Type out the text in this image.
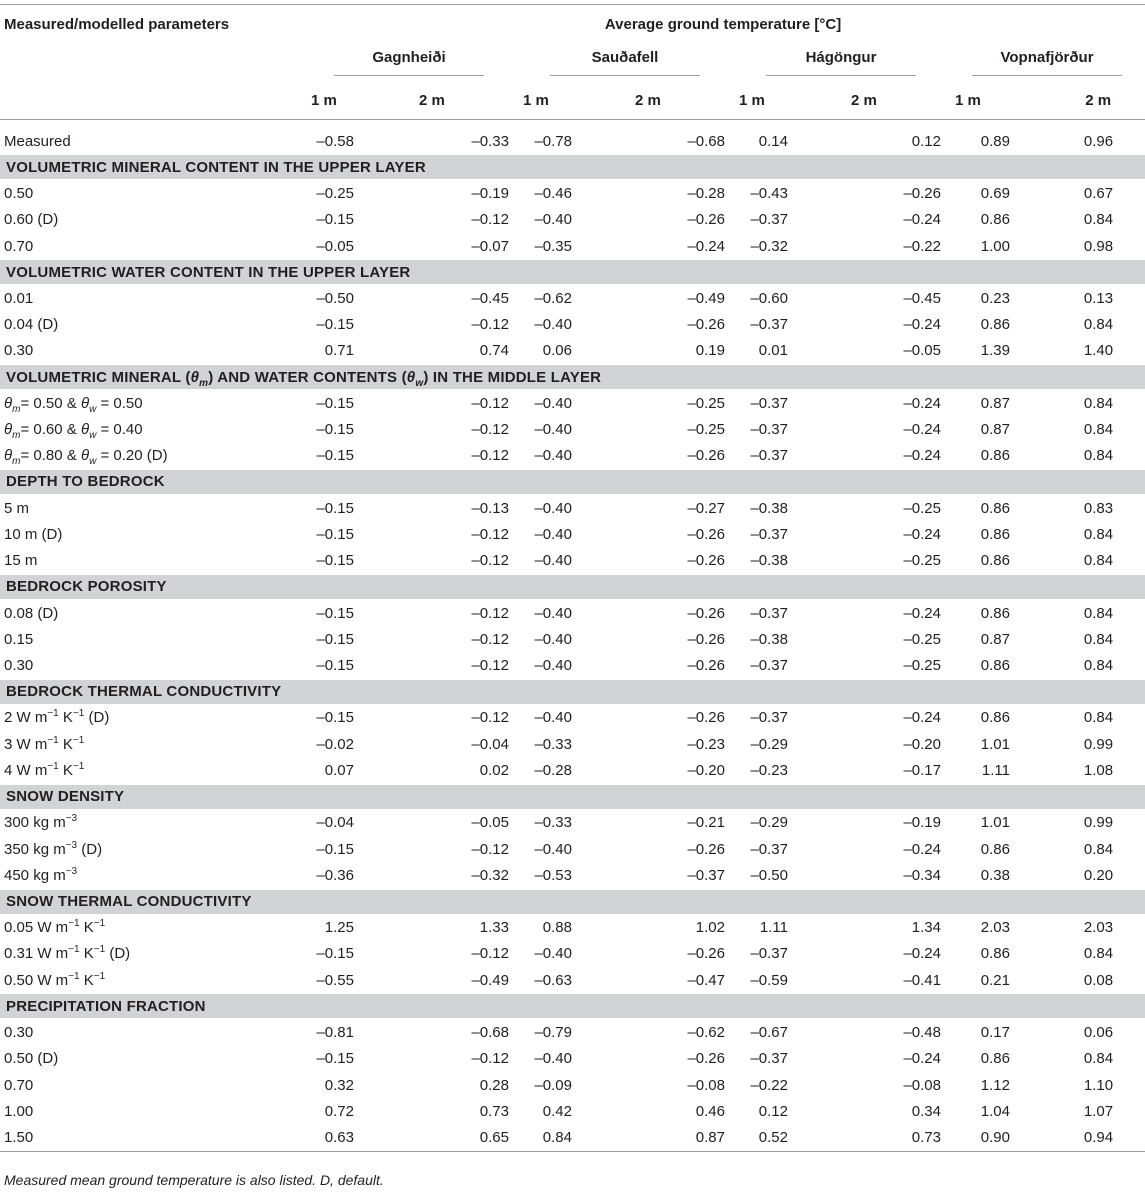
Measured/modelled parameters	Average ground temperature [°C]							
	Gagnheiði		Sauðafell		Hágöngur		Vopnafjörður	
	1 m	2 m	1 m	2 m	1 m	2 m	1 m	2 m

Measured	–0.58	–0.33	–0.78	–0.68	0.14	0.12	0.89	0.96
VOLUMETRIC MINERAL CONTENT IN THE UPPER LAYER								
0.50	–0.25	–0.19	–0.46	–0.28	–0.43	–0.26	0.69	0.67
0.60 (D)	–0.15	–0.12	–0.40	–0.26	–0.37	–0.24	0.86	0.84
0.70	–0.05	–0.07	–0.35	–0.24	–0.32	–0.22	1.00	0.98
VOLUMETRIC WATER CONTENT IN THE UPPER LAYER								
0.01	–0.50	–0.45	–0.62	–0.49	–0.60	–0.45	0.23	0.13
0.04 (D)	–0.15	–0.12	–0.40	–0.26	–0.37	–0.24	0.86	0.84
0.30	0.71	0.74	0.06	0.19	0.01	–0.05	1.39	1.40
VOLUMETRIC MINERAL $(\theta_m)$ AND WATER CONTENTS $(\theta_w)$ IN THE MIDDLE LAYER								
$\theta_m= 0.50$ & $\theta_w = 0.50$	–0.15	–0.12	–0.40	–0.25	–0.37	–0.24	0.87	0.84
$\theta_m= 0.60$ & $\theta_w = 0.40$	–0.15	–0.12	–0.40	–0.25	–0.37	–0.24	0.87	0.84
$\theta_m= 0.80$ & $\theta_w = 0.20$ (D)	–0.15	–0.12	–0.40	–0.26	–0.37	–0.24	0.86	0.84
DEPTH TO BEDROCK								
5 m	–0.15	–0.13	–0.40	–0.27	–0.38	–0.25	0.86	0.83
10 m (D)	–0.15	–0.12	–0.40	–0.26	–0.37	–0.24	0.86	0.84
15 m	–0.15	–0.12	–0.40	–0.26	–0.38	–0.25	0.86	0.84
BEDROCK POROSITY								
0.08 (D)	–0.15	–0.12	–0.40	–0.26	–0.37	–0.24	0.86	0.84
0.15	–0.15	–0.12	–0.40	–0.26	–0.38	–0.25	0.87	0.84
0.30	–0.15	–0.12	–0.40	–0.26	–0.37	–0.25	0.86	0.84
BEDROCK THERMAL CONDUCTIVITY								
2 W $m^{-1}$ $K^{-1}$ (D)	–0.15	–0.12	–0.40	–0.26	–0.37	–0.24	0.86	0.84
3 W $m^{-1}$ $K^{-1}$	–0.02	–0.04	–0.33	–0.23	–0.29	–0.20	1.01	0.99
4 W $m^{-1}$ $K^{-1}$	0.07	0.02	–0.28	–0.20	–0.23	–0.17	1.11	1.08
SNOW DENSITY								
300 kg $m^{-3}$	–0.04	–0.05	–0.33	–0.21	–0.29	–0.19	1.01	0.99
350 kg $m^{-3}$ (D)	–0.15	–0.12	–0.40	–0.26	–0.37	–0.24	0.86	0.84
450 kg $m^{-3}$	–0.36	–0.32	–0.53	–0.37	–0.50	–0.34	0.38	0.20
SNOW THERMAL CONDUCTIVITY								
0.05 W $m^{-1}$ $K^{-1}$	1.25	1.33	0.88	1.02	1.11	1.34	2.03	2.03
0.31 W $m^{-1}$ $K^{-1}$ (D)	–0.15	–0.12	–0.40	–0.26	–0.37	–0.24	0.86	0.84
0.50 W $m^{-1}$ $K^{-1}$	–0.55	–0.49	–0.63	–0.47	–0.59	–0.41	0.21	0.08
PRECIPITATION FRACTION								
0.30	–0.81	–0.68	–0.79	–0.62	–0.67	–0.48	0.17	0.06
0.50 (D)	–0.15	–0.12	–0.40	–0.26	–0.37	–0.24	0.86	0.84
0.70	0.32	0.28	–0.09	–0.08	–0.22	–0.08	1.12	1.10
1.00	0.72	0.73	0.42	0.46	0.12	0.34	1.04	1.07
1.50	0.63	0.65	0.84	0.87	0.52	0.73	0.90	0.94
Measured mean ground temperature is also listed. D, default.
